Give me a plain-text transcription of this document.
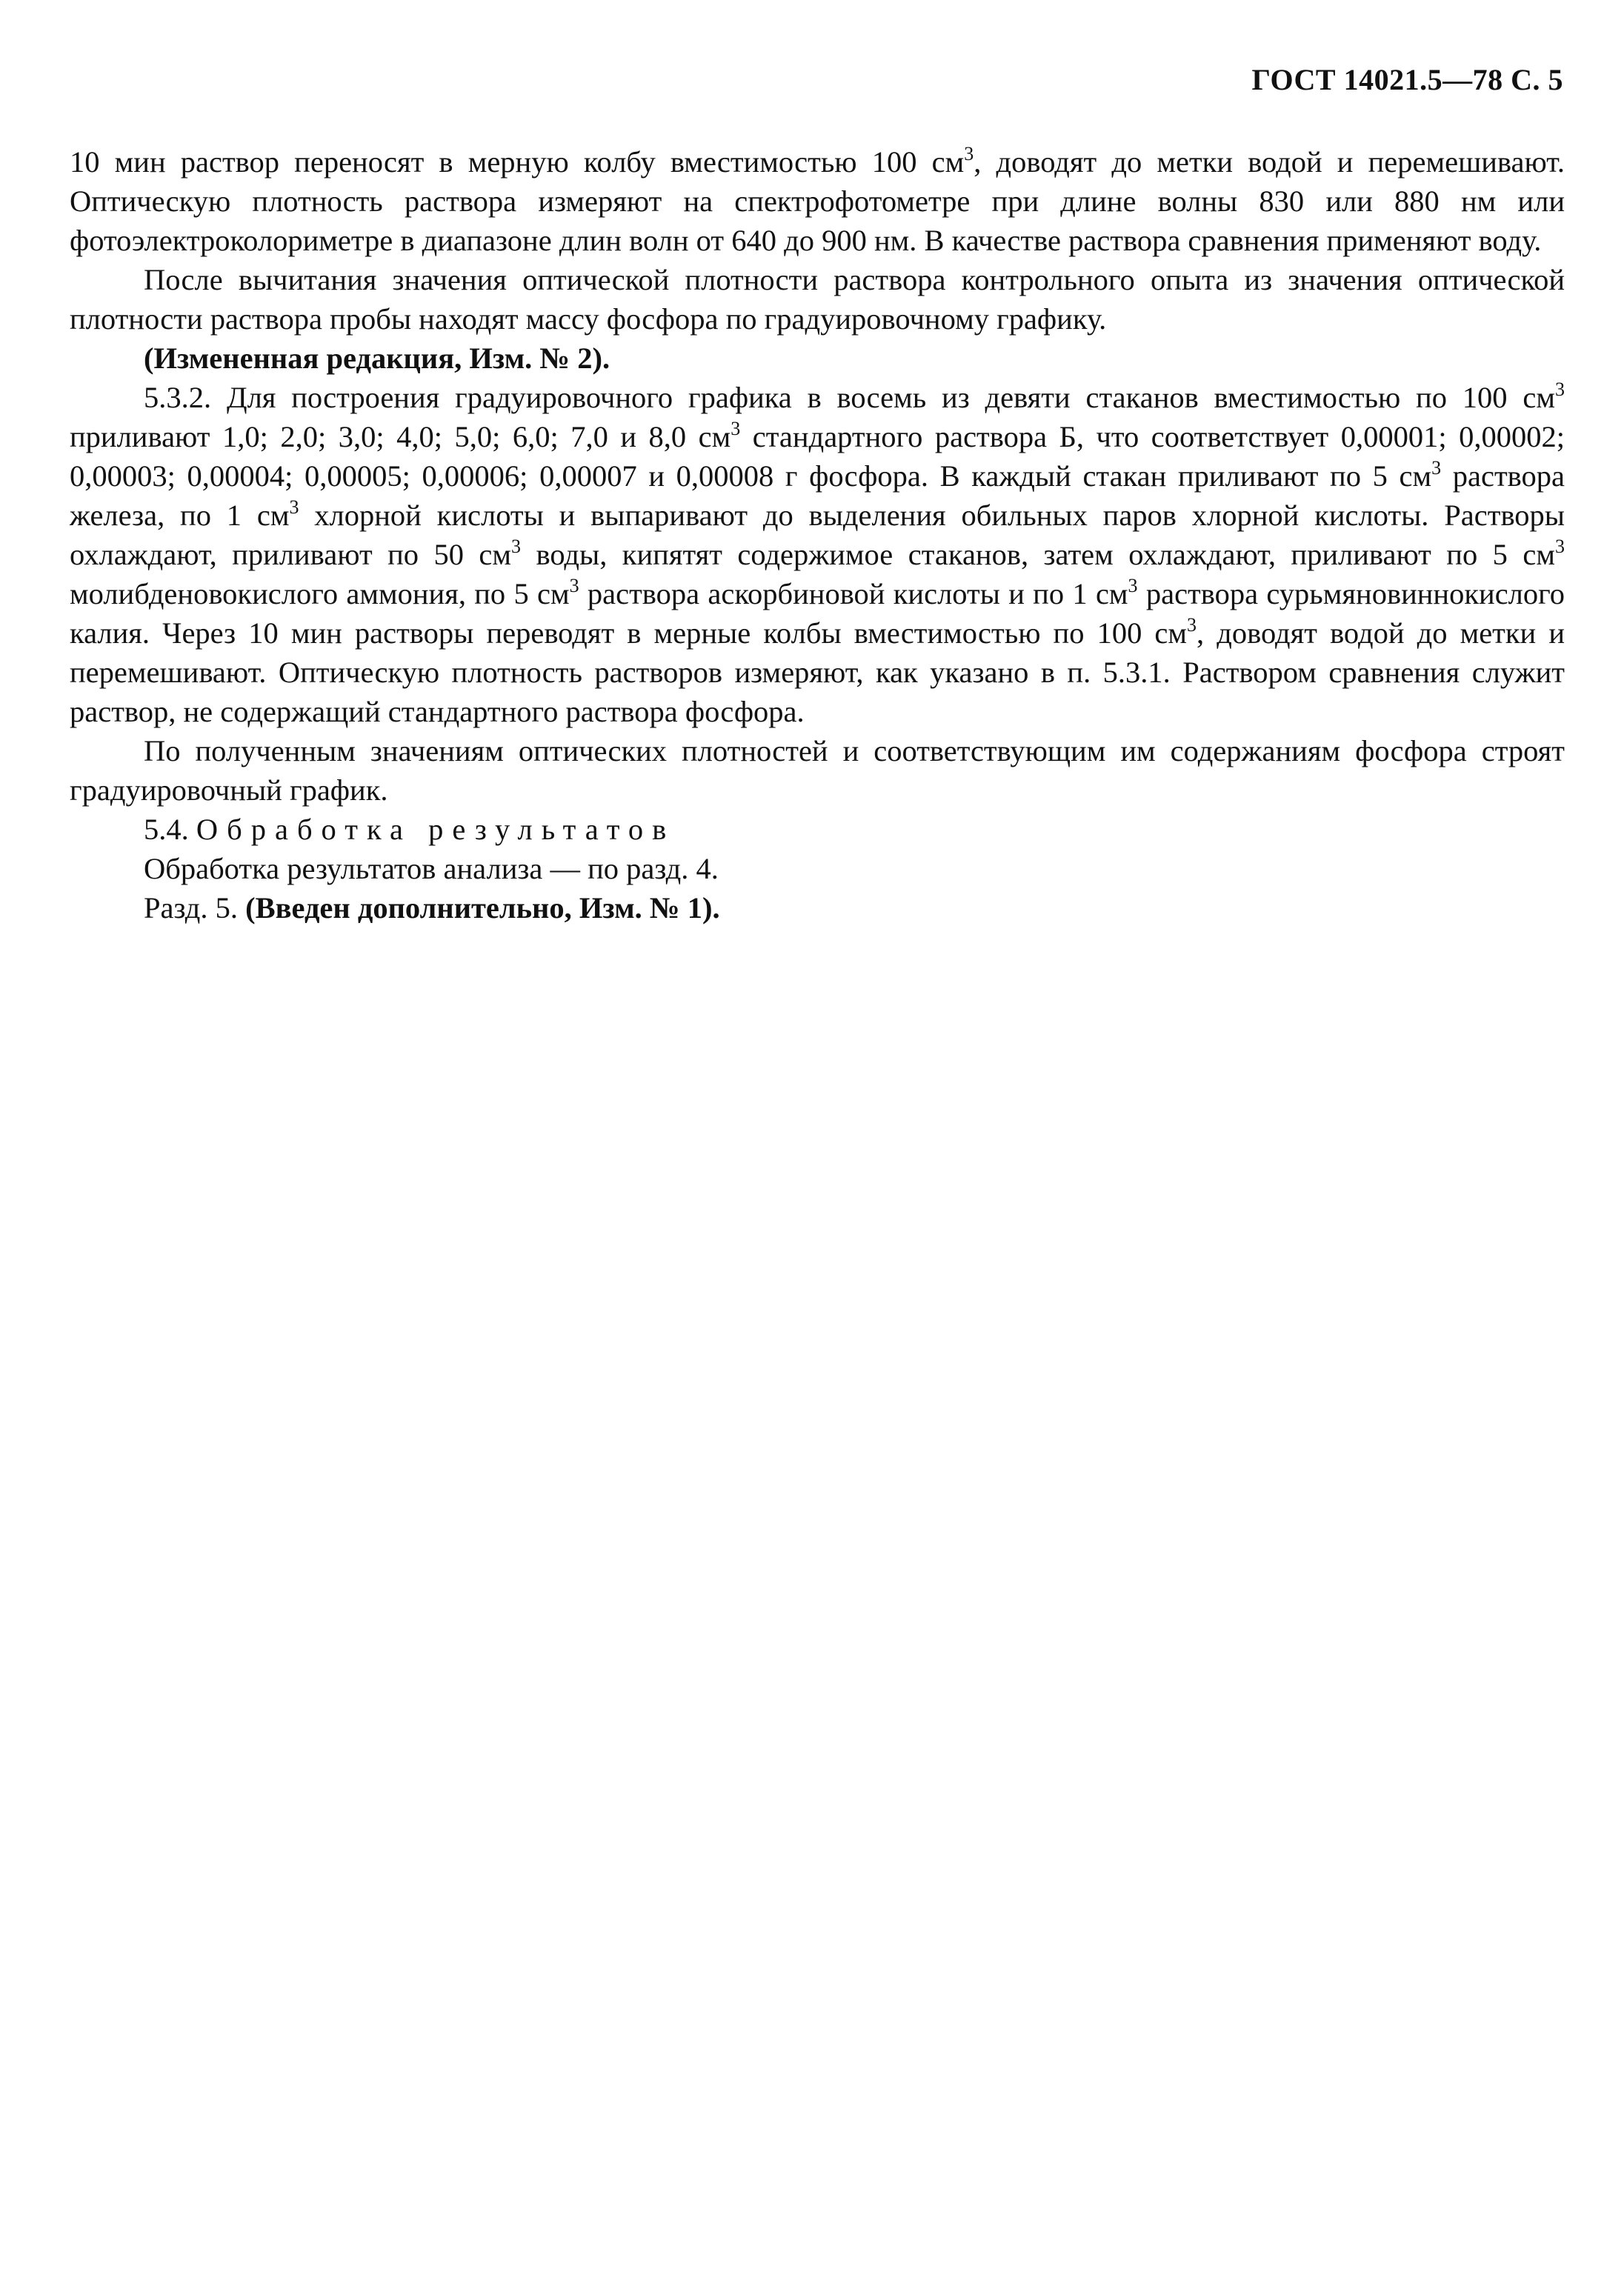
ГОСТ 14021.5—78 С. 5

10 мин раствор переносят в мерную колбу вместимостью 100 $см^3$, доводят до метки водой и перемешивают. Оптическую плотность раствора измеряют на спектрофотометре при длине волны 830 или 880 нм или фотоэлектроколориметре в диапазоне длин волн от 640 до 900 нм. В качестве раствора сравнения применяют воду.

После вычитания значения оптической плотности раствора контрольного опыта из значения оптической плотности раствора пробы находят массу фосфора по градуировочному графику.

(Измененная редакция, Изм. № 2).

5.3.2. Для построения градуировочного графика в восемь из девяти стаканов вместимостью по 100 $см^3$ приливают 1,0; 2,0; 3,0; 4,0; 5,0; 6,0; 7,0 и 8,0 $см^3$ стандартного раствора Б, что соответствует 0,00001; 0,00002; 0,00003; 0,00004; 0,00005; 0,00006; 0,00007 и 0,00008 г фосфора. В каждый стакан приливают по 5 $см^3$ раствора железа, по 1 $см^3$ хлорной кислоты и выпаривают до выделения обильных паров хлорной кислоты. Растворы охлаждают, приливают по 50 $см^3$ воды, кипятят содержимое стаканов, затем охлаждают, приливают по 5 $см^3$ молибденовокислого аммония, по 5 $см^3$ раствора аскорбиновой кислоты и по 1 $см^3$ раствора сурьмяновиннокислого калия. Через 10 мин растворы переводят в мерные колбы вместимостью по 100 $см^3$, доводят водой до метки и перемешивают. Оптическую плотность растворов измеряют, как указано в п. 5.3.1. Раствором сравнения служит раствор, не содержащий стандартного раствора фосфора.

По полученным значениям оптических плотностей и соответствующим им содержаниям фосфора строят градуировочный график.

5.4. Обработка результатов

Обработка результатов анализа — по разд. 4.

Разд. 5. (Введен дополнительно, Изм. № 1).
